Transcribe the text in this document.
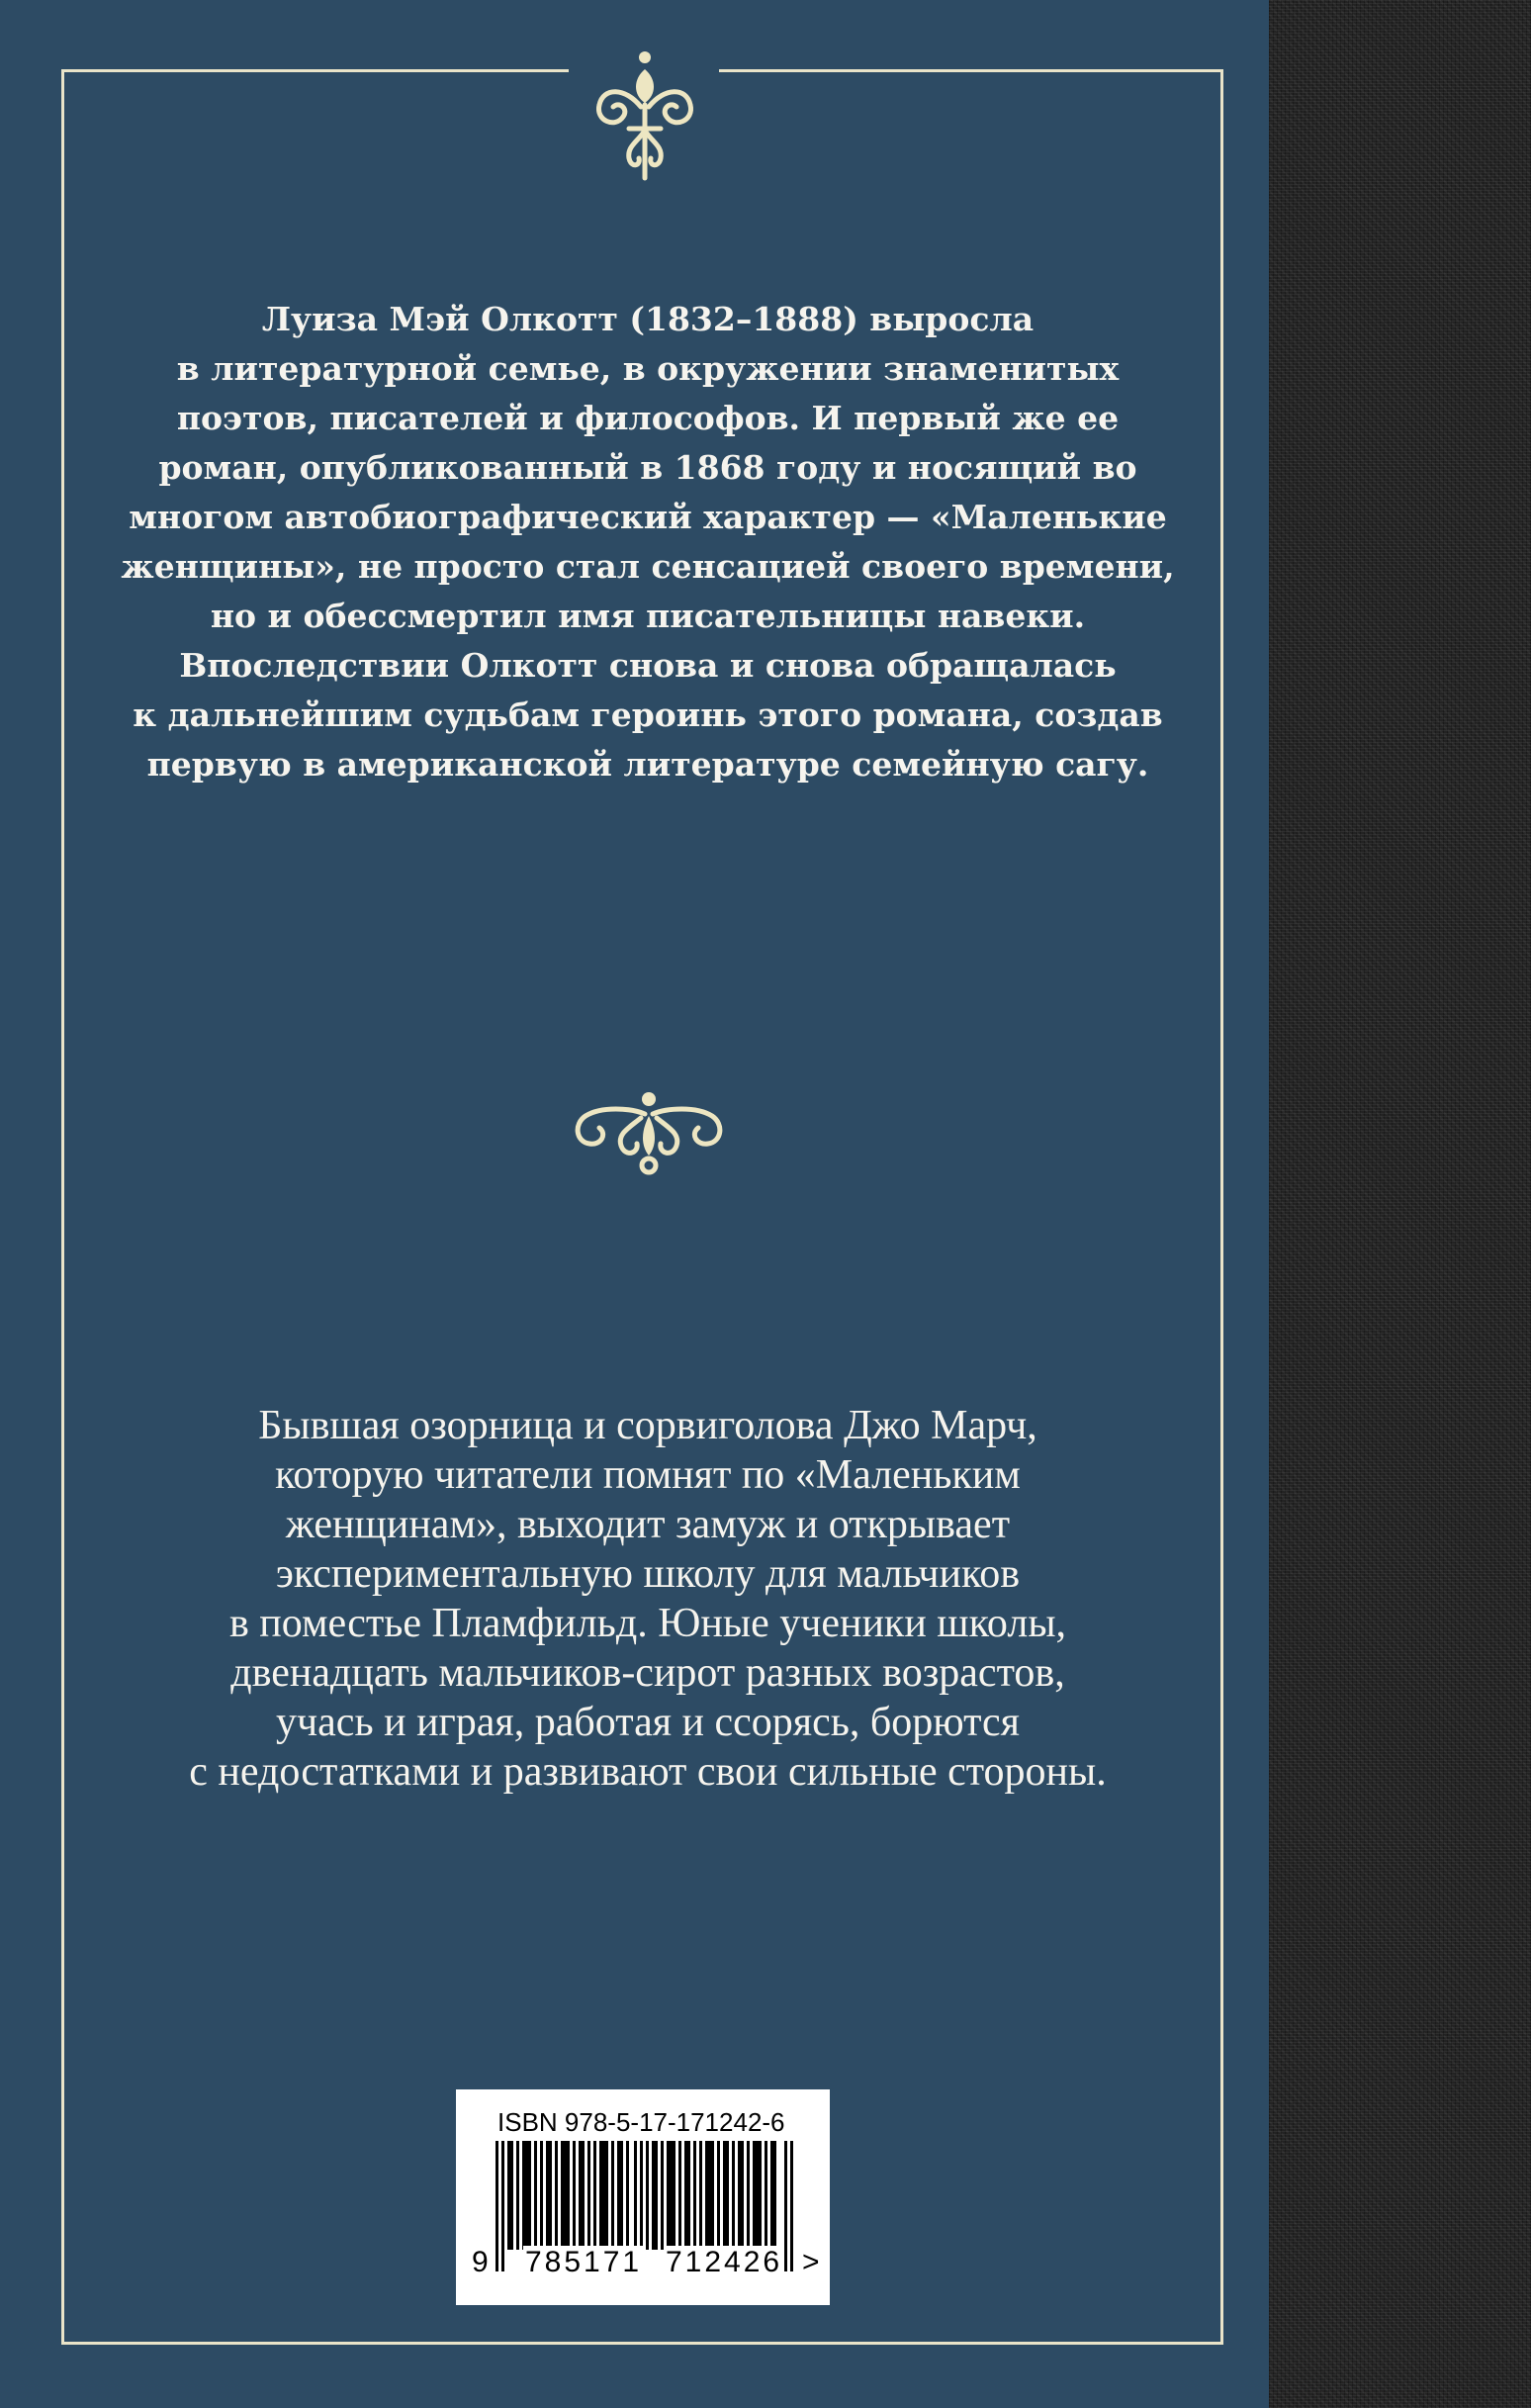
Луиза Мэй Олкотт (1832–1888) выросла
в литературной семье, в окружении знаменитых
поэтов, писателей и философов. И первый же ее
роман, опубликованный в 1868 году и носящий во
многом автобиографический характер — «Маленькие
женщины», не просто стал сенсацией своего времени,
но и обессмертил имя писательницы навеки.
Впоследствии Олкотт снова и снова обращалась
к дальнейшим судьбам героинь этого романа, создав
первую в американской литературе семейную сагу.
Бывшая озорница и сорвиголова Джо Марч,
которую читатели помнят по «Маленьким
женщинам», выходит замуж и открывает
экспериментальную школу для мальчиков
в поместье Пламфильд. Юные ученики школы,
двенадцать мальчиков-сирот разных возрастов,
учась и играя, работая и ссорясь, борются
с недостатками и развивают свои сильные стороны.
ISBN 978-5-17-171242-6
9 785171 712426 >
